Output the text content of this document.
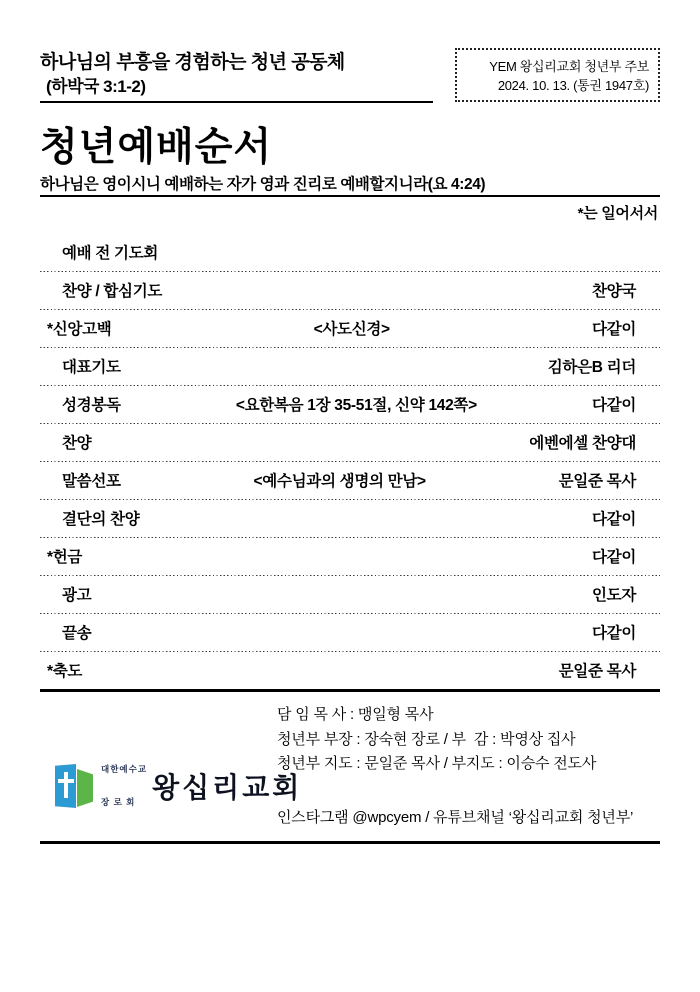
하나님의 부흥을 경험하는 청년 공동체
(하박국 3:1-2)
YEM 왕십리교회 청년부 주보
2024. 10. 13. (통권 1947호)
청년예배순서
하나님은 영이시니 예배하는 자가 영과 진리로 예배할지니라(요 4:24)
*는 일어서서
예배 전 기도회
찬양 / 합심기도	찬양국
*신앙고백	<사도신경>	다같이
대표기도	김하은B 리더
성경봉독	<요한복음 1장 35-51절, 신약 142쪽>	다같이
찬양	에벤에셀 찬양대
말씀선포	<예수님과의 생명의 만남>	문일준 목사
결단의 찬양	다같이
*헌금	다같이
광고	인도자
끝송	다같이
*축도	문일준 목사

대한예수교

장 로 회

왕십리교회
담 임 목 사 : 맹일형 목사
청년부 부장 : 장숙현 장로 / 부  감 : 박영상 집사
청년부 지도 : 문일준 목사 / 부지도 : 이승수 전도사
인스타그램 @wpcyem / 유튜브채널 ‘왕십리교회 청년부’
